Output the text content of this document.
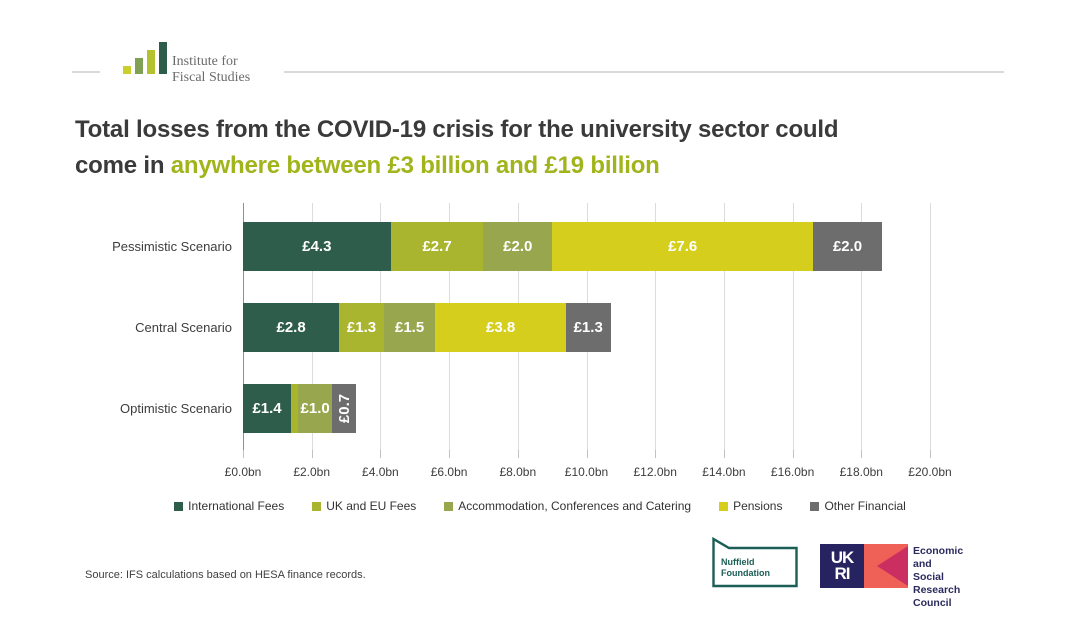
Institute for
Fiscal Studies
Total losses from the COVID-19 crisis for the university sector could
come in anywhere between £3 billion and £19 billion
£4.3	£2.7	£2.0	£7.6	£2.0
£2.8	£1.3 £1.5	£3.8	£1.3
£1.4 £1.0 £0.7
International Fees	UK and EU Fees	Accommodation, Conferences and Catering	Pensions	Other Financial
£0.0bn	£2.0bn	£4.0bn	£6.0bn	£8.0bn	£10.0bn	£12.0bn	£14.0bn	£16.0bn	£18.0bn	£20.0bn
Pessimistic Scenario
Central Scenario
Optimistic Scenario
Source: IFS calculations based on HESA finance records.
Nuffield
Foundation
UK
RI
Economic
and Social
Research Council
